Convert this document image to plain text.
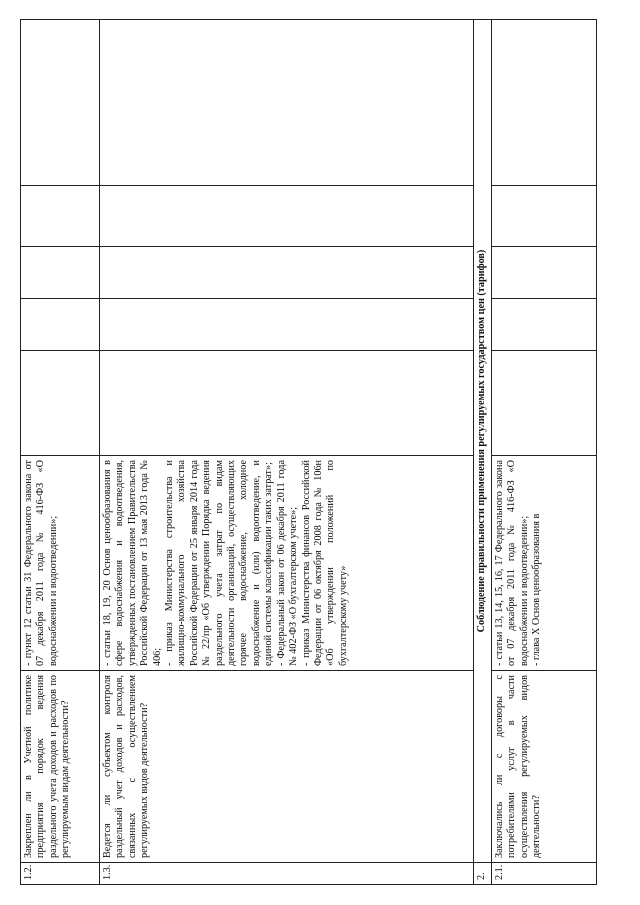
1.2.	Закреплен ли в Учетной политике предприятия порядок ведения раздельного учета доходов и расходов по регулируемым видам деятельности?	- пункт 12 статьи 31 Федерального закона от 07 декабря 2011 года № 416-ФЗ «О водоснабжении и водоотведении»;					
1.3.	Ведется ли субъектом контроля раздельный учет доходов и расходов, связанных с осуществлением регулируемых видов деятельности?	- статьи 18, 19, 20 Основ ценообразования в сфере водоснабжения и водоотведения, утвержденных постановлением Правительства Российской Федерации от 13 мая 2013 года № 406; - приказ Министерства строительства и жилищно-коммунального хозяйства Российской Федерации от 25 января 2014 года № 22/пр «Об утверждении Порядка ведения раздельного учета затрат по видам деятельности организаций, осуществляющих горячее водоснабжение, холодное водоснабжение и (или) водоотведение, и единой системы классификации таких затрат»; - Федеральный закон от 06 декабря 2011 года № 402-ФЗ «О бухгалтерском учете»; - приказ Министерства финансов Российской Федерации от 06 октября 2008 года № 106н «Об утверждении положений по бухгалтерскому учету»					

2.	Соблюдение правильности применения регулируемых государством цен (тарифов)						
2.1.	Заключались ли с договоры с потребителями услуг в части осуществления регулируемых видов деятельности?	- статьи 13, 14, 15, 16, 17 Федерального закона от 07 декабря 2011 года № 416-ФЗ «О водоснабжении и водоотведении»; - глава X Основ ценообразования в					
